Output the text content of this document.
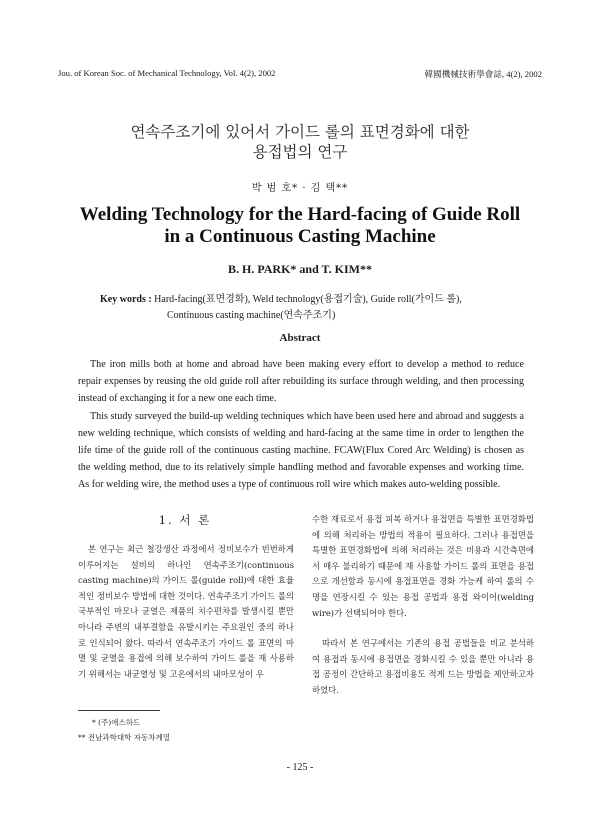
Jou. of Korean Soc. of Mechanical Technology, Vol. 4(2), 2002	韓國機械技術學會誌, 4(2), 2002
연속주조기에 있어서 가이드 롤의 표면경화에 대한
용접법의 연구
박 범 호* · 김 택**
Welding Technology for the Hard-facing of Guide Roll
in a Continuous Casting Machine
B. H. PARK* and T. KIM**
Key words : Hard-facing(표면경화), Weld technology(용접기술), Guide roll(가이드 롤),
Continuous casting machine(연속주조기)
Abstract

The iron mills both at home and abroad have been making every effort to develop a method to reduce repair expenses by reusing the old guide roll after rebuilding its surface through welding, and then processing instead of exchanging it for a new one each time.

This study surveyed the build-up welding techniques which have been used here and abroad and suggests a new welding technique, which consists of welding and hard-facing at the same time in order to lengthen the life time of the guide roll of the continuous casting machine. FCAW(Flux Cored Arc Welding) is chosen as the welding method, due to its relatively simple handling method and favorable expenses and working time. As for welding wire, the method uses a type of continuous roll wire which makes auto-welding possible.

1. 서 론

본 연구는 최근 철강생산 과정에서 정비보수가 빈번하게 이루어지는 설비의 하나인 연속주조기(continuous casting machine)의 가이드 롤(guide roll)에 대한 효율적인 정비보수 방법에 대한 것이다. 연속주조기 가이드 롤의 국부적인 마모나 균열은 제품의 치수편차를 발생시킬 뿐만 아니라 주변의 내부결함을 유발시키는 주요원인 중의 하나로 인식되어 왔다. 따라서 연속주조기 가이드 롤 표면의 마멸 및 균열을 용접에 의해 보수하여 가이드 롤을 재 사용하기 위해서는 내균열성 및 고온에서의 내마모성이 우

수한 재료로서 용접 피복 하거나 용접면을 특별한 표면경화법에 의해 처리하는 방법의 적용이 필요하다. 그러나 용접면을 특별한 표면경화법에 의해 처리하는 것은 비용과 시간측면에서 매우 불리하기 때문에 재 사용할 가이드 롤의 표면을 용접으로 개선함과 동시에 용접표면을 경화 가능케 하여 롤의 수명을 연장시킬 수 있는 용접 공법과 용접 와이어(welding wire)가 선택되어야 한다.

따라서 본 연구에서는 기존의 용접 공법들을 비교 분석하여 용접과 동시에 용접면을 경화시킬 수 있을 뿐만 아니라 용접 공정이 간단하고 용접비용도 적게 드는 방법을 제안하고자 하였다.

* (주)에스하드
** 전남과학대학 자동차계열
- 125 -
